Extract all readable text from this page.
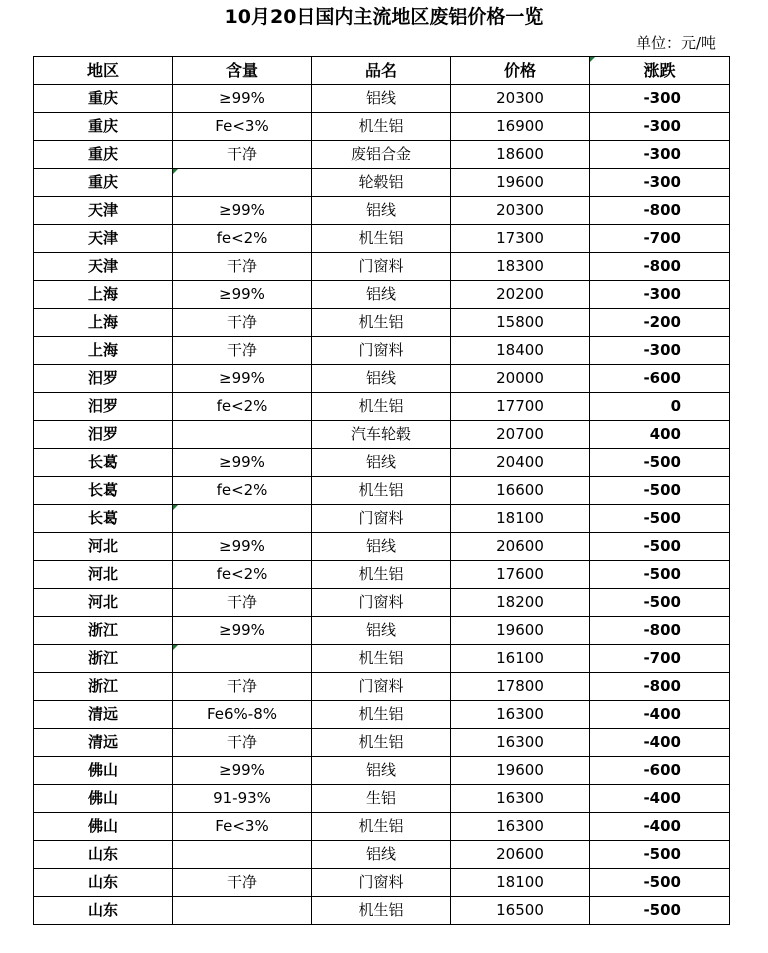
10月20日国内主流地区废铝价格一览
单位：元/吨
地区	含量	品名	价格	涨跌
重庆	≥99%	铝线	20300	-300
重庆	Fe<3%	机生铝	16900	-300
重庆	干净	废铝合金	18600	-300
重庆		轮毂铝	19600	-300
天津	≥99%	铝线	20300	-800
天津	fe<2%	机生铝	17300	-700
天津	干净	门窗料	18300	-800
上海	≥99%	铝线	20200	-300
上海	干净	机生铝	15800	-200
上海	干净	门窗料	18400	-300
汨罗	≥99%	铝线	20000	-600
汨罗	fe<2%	机生铝	17700	0
汨罗		汽车轮毂	20700	400
长葛	≥99%	铝线	20400	-500
长葛	fe<2%	机生铝	16600	-500
长葛		门窗料	18100	-500
河北	≥99%	铝线	20600	-500
河北	fe<2%	机生铝	17600	-500
河北	干净	门窗料	18200	-500
浙江	≥99%	铝线	19600	-800
浙江		机生铝	16100	-700
浙江	干净	门窗料	17800	-800
清远	Fe6%-8%	机生铝	16300	-400
清远	干净	机生铝	16300	-400
佛山	≥99%	铝线	19600	-600
佛山	91-93%	生铝	16300	-400
佛山	Fe<3%	机生铝	16300	-400
山东		铝线	20600	-500
山东	干净	门窗料	18100	-500
山东		机生铝	16500	-500
